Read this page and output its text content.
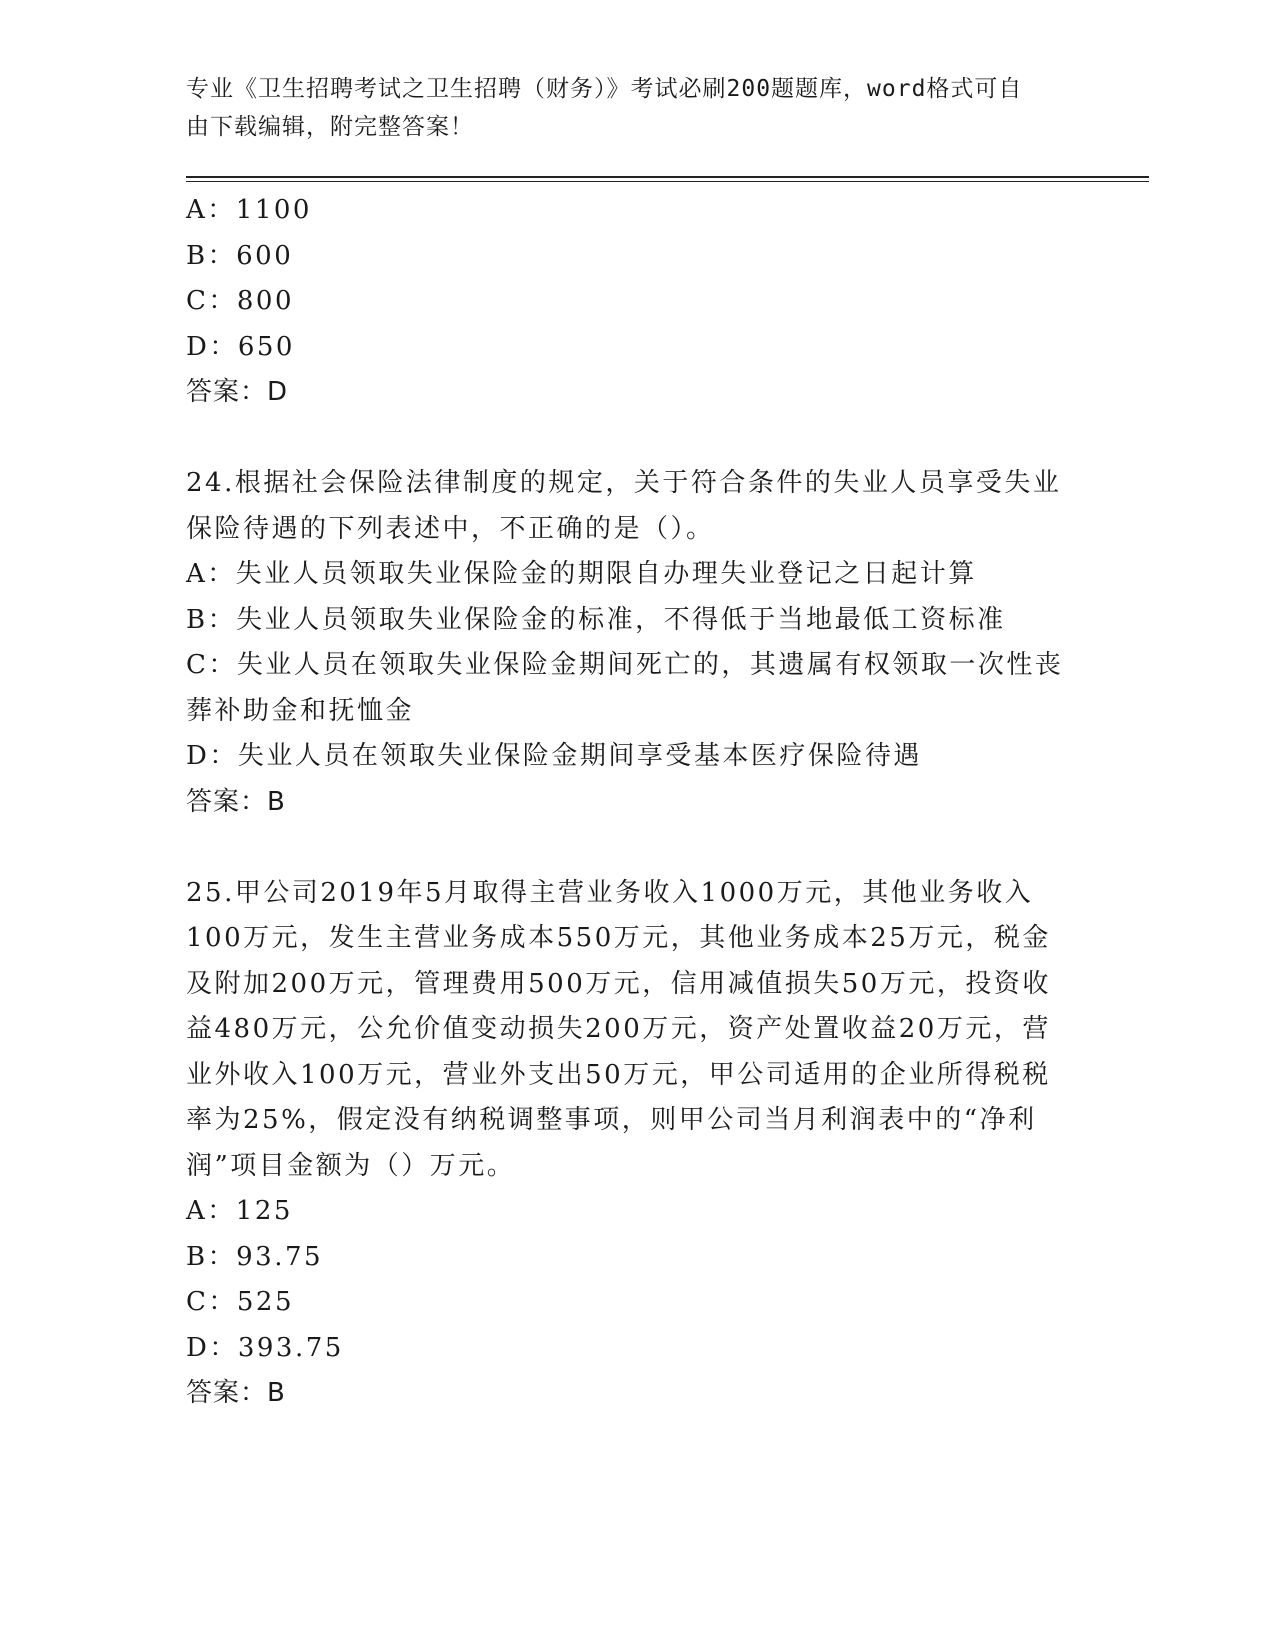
专业《卫生招聘考试之卫生招聘（财务）》考试必刷200题题库，word格式可自
由下载编辑，附完整答案！
A：1100
B：600
C：800
D：650
答案：D
24.根据社会保险法律制度的规定，关于符合条件的失业人员享受失业
保险待遇的下列表述中，不正确的是（）。
A：失业人员领取失业保险金的期限自办理失业登记之日起计算
B：失业人员领取失业保险金的标准，不得低于当地最低工资标准
C：失业人员在领取失业保险金期间死亡的，其遗属有权领取一次性丧
葬补助金和抚恤金
D：失业人员在领取失业保险金期间享受基本医疗保险待遇
答案：B
25.甲公司2019年5月取得主营业务收入1000万元，其他业务收入
100万元，发生主营业务成本550万元，其他业务成本25万元，税金
及附加200万元，管理费用500万元，信用减值损失50万元，投资收
益480万元，公允价值变动损失200万元，资产处置收益20万元，营
业外收入100万元，营业外支出50万元，甲公司适用的企业所得税税
率为25%，假定没有纳税调整事项，则甲公司当月利润表中的“净利
润”项目金额为（）万元。
A：125
B：93.75
C：525
D：393.75
答案：B
